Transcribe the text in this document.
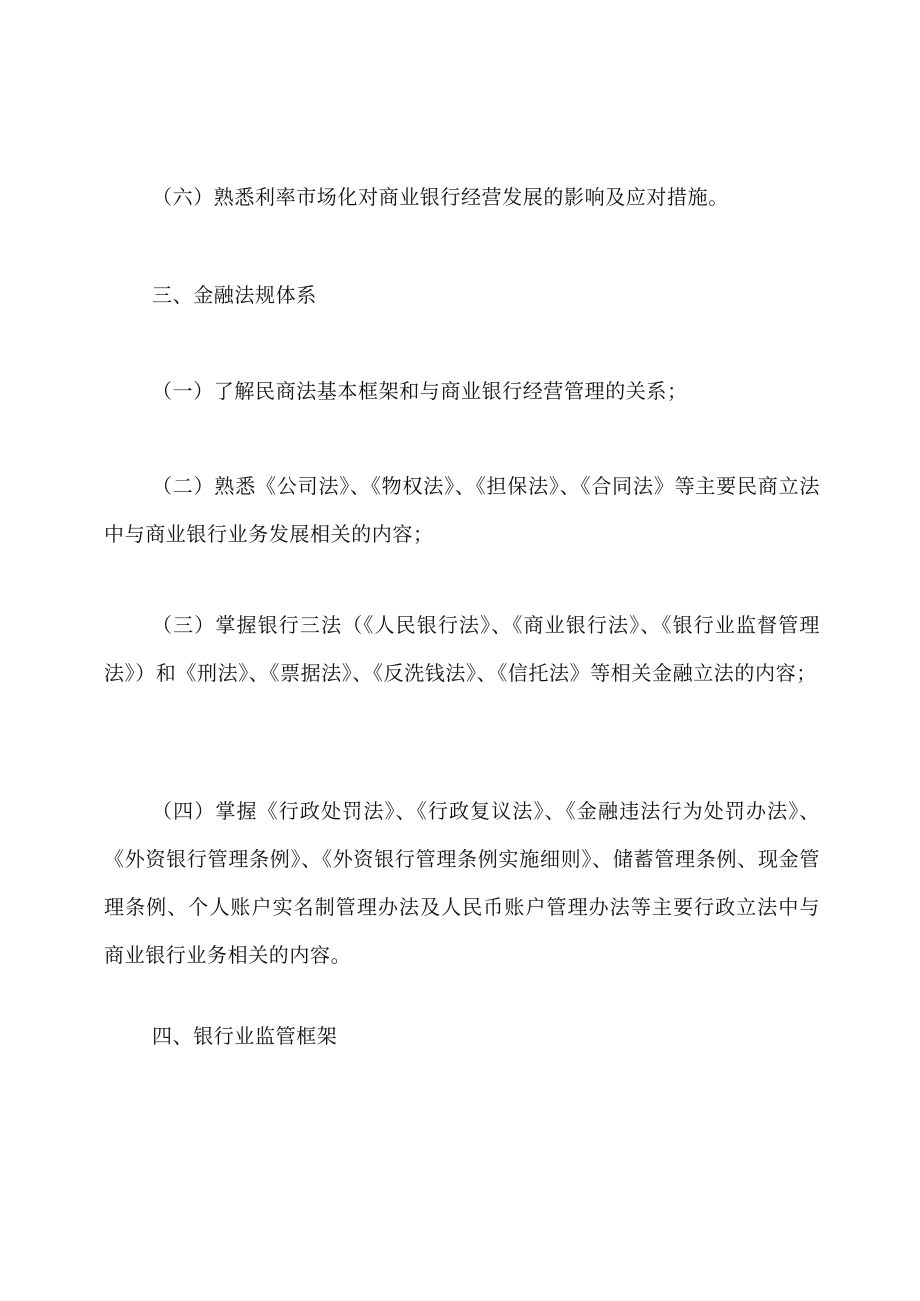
（六）熟悉利率市场化对商业银行经营发展的影响及应对措施。

三、金融法规体系

（一）了解民商法基本框架和与商业银行经营管理的关系；

（二）熟悉《公司法》、《物权法》、《担保法》、《合同法》等主要民商立法中与商业银行业务发展相关的内容；

（三）掌握银行三法（《人民银行法》、《商业银行法》、《银行业监督管理法》）和《刑法》、《票据法》、《反洗钱法》、《信托法》等相关金融立法的内容；

（四）掌握《行政处罚法》、《行政复议法》、《金融违法行为处罚办法》、《外资银行管理条例》、《外资银行管理条例实施细则》、储蓄管理条例、现金管理条例、个人账户实名制管理办法及人民币账户管理办法等主要行政立法中与商业银行业务相关的内容。

四、银行业监管框架
